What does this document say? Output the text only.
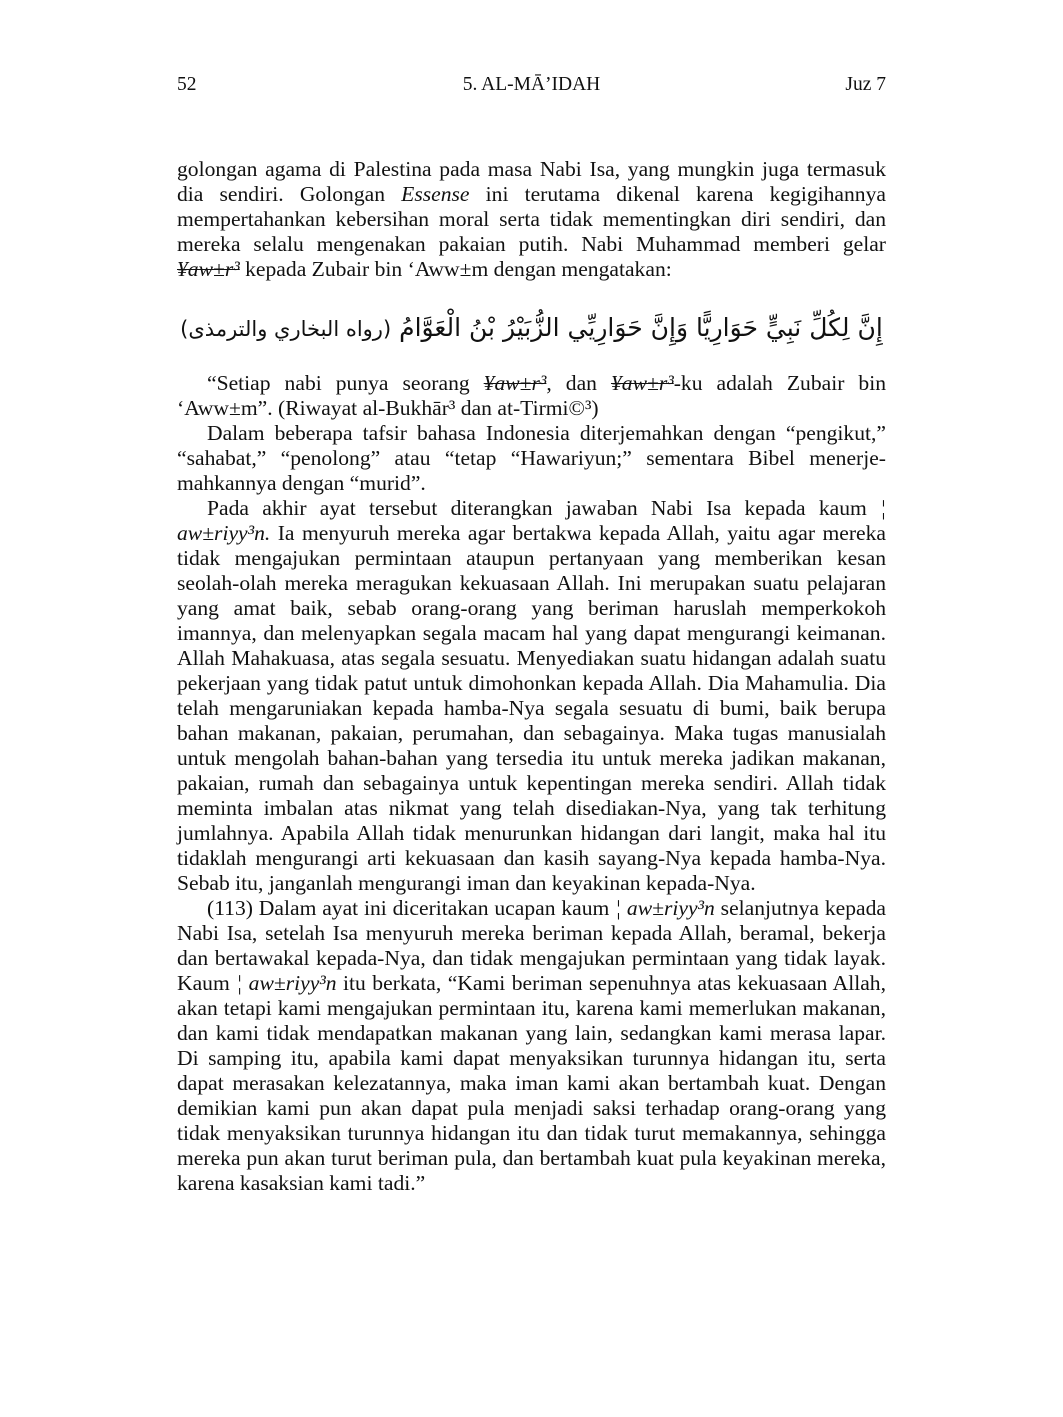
52	5. AL-MĀ’IDAH	Juz 7

golongan agama di Palestina pada masa Nabi Isa, yang mungkin juga termasuk dia sendiri. Golongan Essense ini terutama dikenal karena kegigihannya mempertahankan kebersihan moral serta tidak mementingkan diri sendiri, dan mereka selalu mengenakan pakaian putih. Nabi Muhammad memberi gelar ¥aw±r³ kepada Zubair bin ‘Aww±m dengan mengatakan:

إِنَّ لِكُلِّ نَبِيٍّ حَوَارِيًّا وَإِنَّ حَوَارِيِّي الزُّبَيْرُ بْنُ الْعَوَّامُ (رواه البخاري والترمذى)

“Setiap nabi punya seorang ¥aw±r³, dan ¥aw±r³-ku adalah Zubair bin ‘Aww±m”. (Riwayat al-Bukhār³ dan at-Tirmi©³)

Dalam beberapa tafsir bahasa Indonesia diterjemahkan dengan “pengikut,” “sahabat,” “penolong” atau “tetap “Hawariyun;” sementara Bibel menerje-mahkannya dengan “murid”.

Pada akhir ayat tersebut diterangkan jawaban Nabi Isa kepada kaum ¦ aw±riyy³n. Ia menyuruh mereka agar bertakwa kepada Allah, yaitu agar mereka tidak mengajukan permintaan ataupun pertanyaan yang memberikan kesan seolah-olah mereka meragukan kekuasaan Allah. Ini merupakan suatu pelajaran yang amat baik, sebab orang-orang yang beriman haruslah memperkokoh imannya, dan melenyapkan segala macam hal yang dapat mengurangi keimanan. Allah Mahakuasa, atas segala sesuatu. Menyediakan suatu hidangan adalah suatu pekerjaan yang tidak patut untuk dimohonkan kepada Allah. Dia Mahamulia. Dia telah mengaruniakan kepada hamba-Nya segala sesuatu di bumi, baik berupa bahan makanan, pakaian, perumahan, dan sebagainya. Maka tugas manusialah untuk mengolah bahan-bahan yang tersedia itu untuk mereka jadikan makanan, pakaian, rumah dan sebagainya untuk kepentingan mereka sendiri. Allah tidak meminta imbalan atas nikmat yang telah disediakan-Nya, yang tak terhitung jumlahnya. Apabila Allah tidak menurunkan hidangan dari langit, maka hal itu tidaklah mengurangi arti kekuasaan dan kasih sayang-Nya kepada hamba-Nya. Sebab itu, janganlah mengurangi iman dan keyakinan kepada-Nya.

(113) Dalam ayat ini diceritakan ucapan kaum ¦ aw±riyy³n selanjutnya kepada Nabi Isa, setelah Isa menyuruh mereka beriman kepada Allah, beramal, bekerja dan bertawakal kepada-Nya, dan tidak mengajukan permintaan yang tidak layak. Kaum ¦ aw±riyy³n itu berkata, “Kami beriman sepenuhnya atas kekuasaan Allah, akan tetapi kami mengajukan permintaan itu, karena kami memerlukan makanan, dan kami tidak mendapatkan makanan yang lain, sedangkan kami merasa lapar. Di samping itu, apabila kami dapat menyaksikan turunnya hidangan itu, serta dapat merasakan kelezatannya, maka iman kami akan bertambah kuat. Dengan demikian kami pun akan dapat pula menjadi saksi terhadap orang-orang yang tidak menyaksikan turunnya hidangan itu dan tidak turut memakannya, sehingga mereka pun akan turut beriman pula, dan bertambah kuat pula keyakinan mereka, karena kasaksian kami tadi.”
